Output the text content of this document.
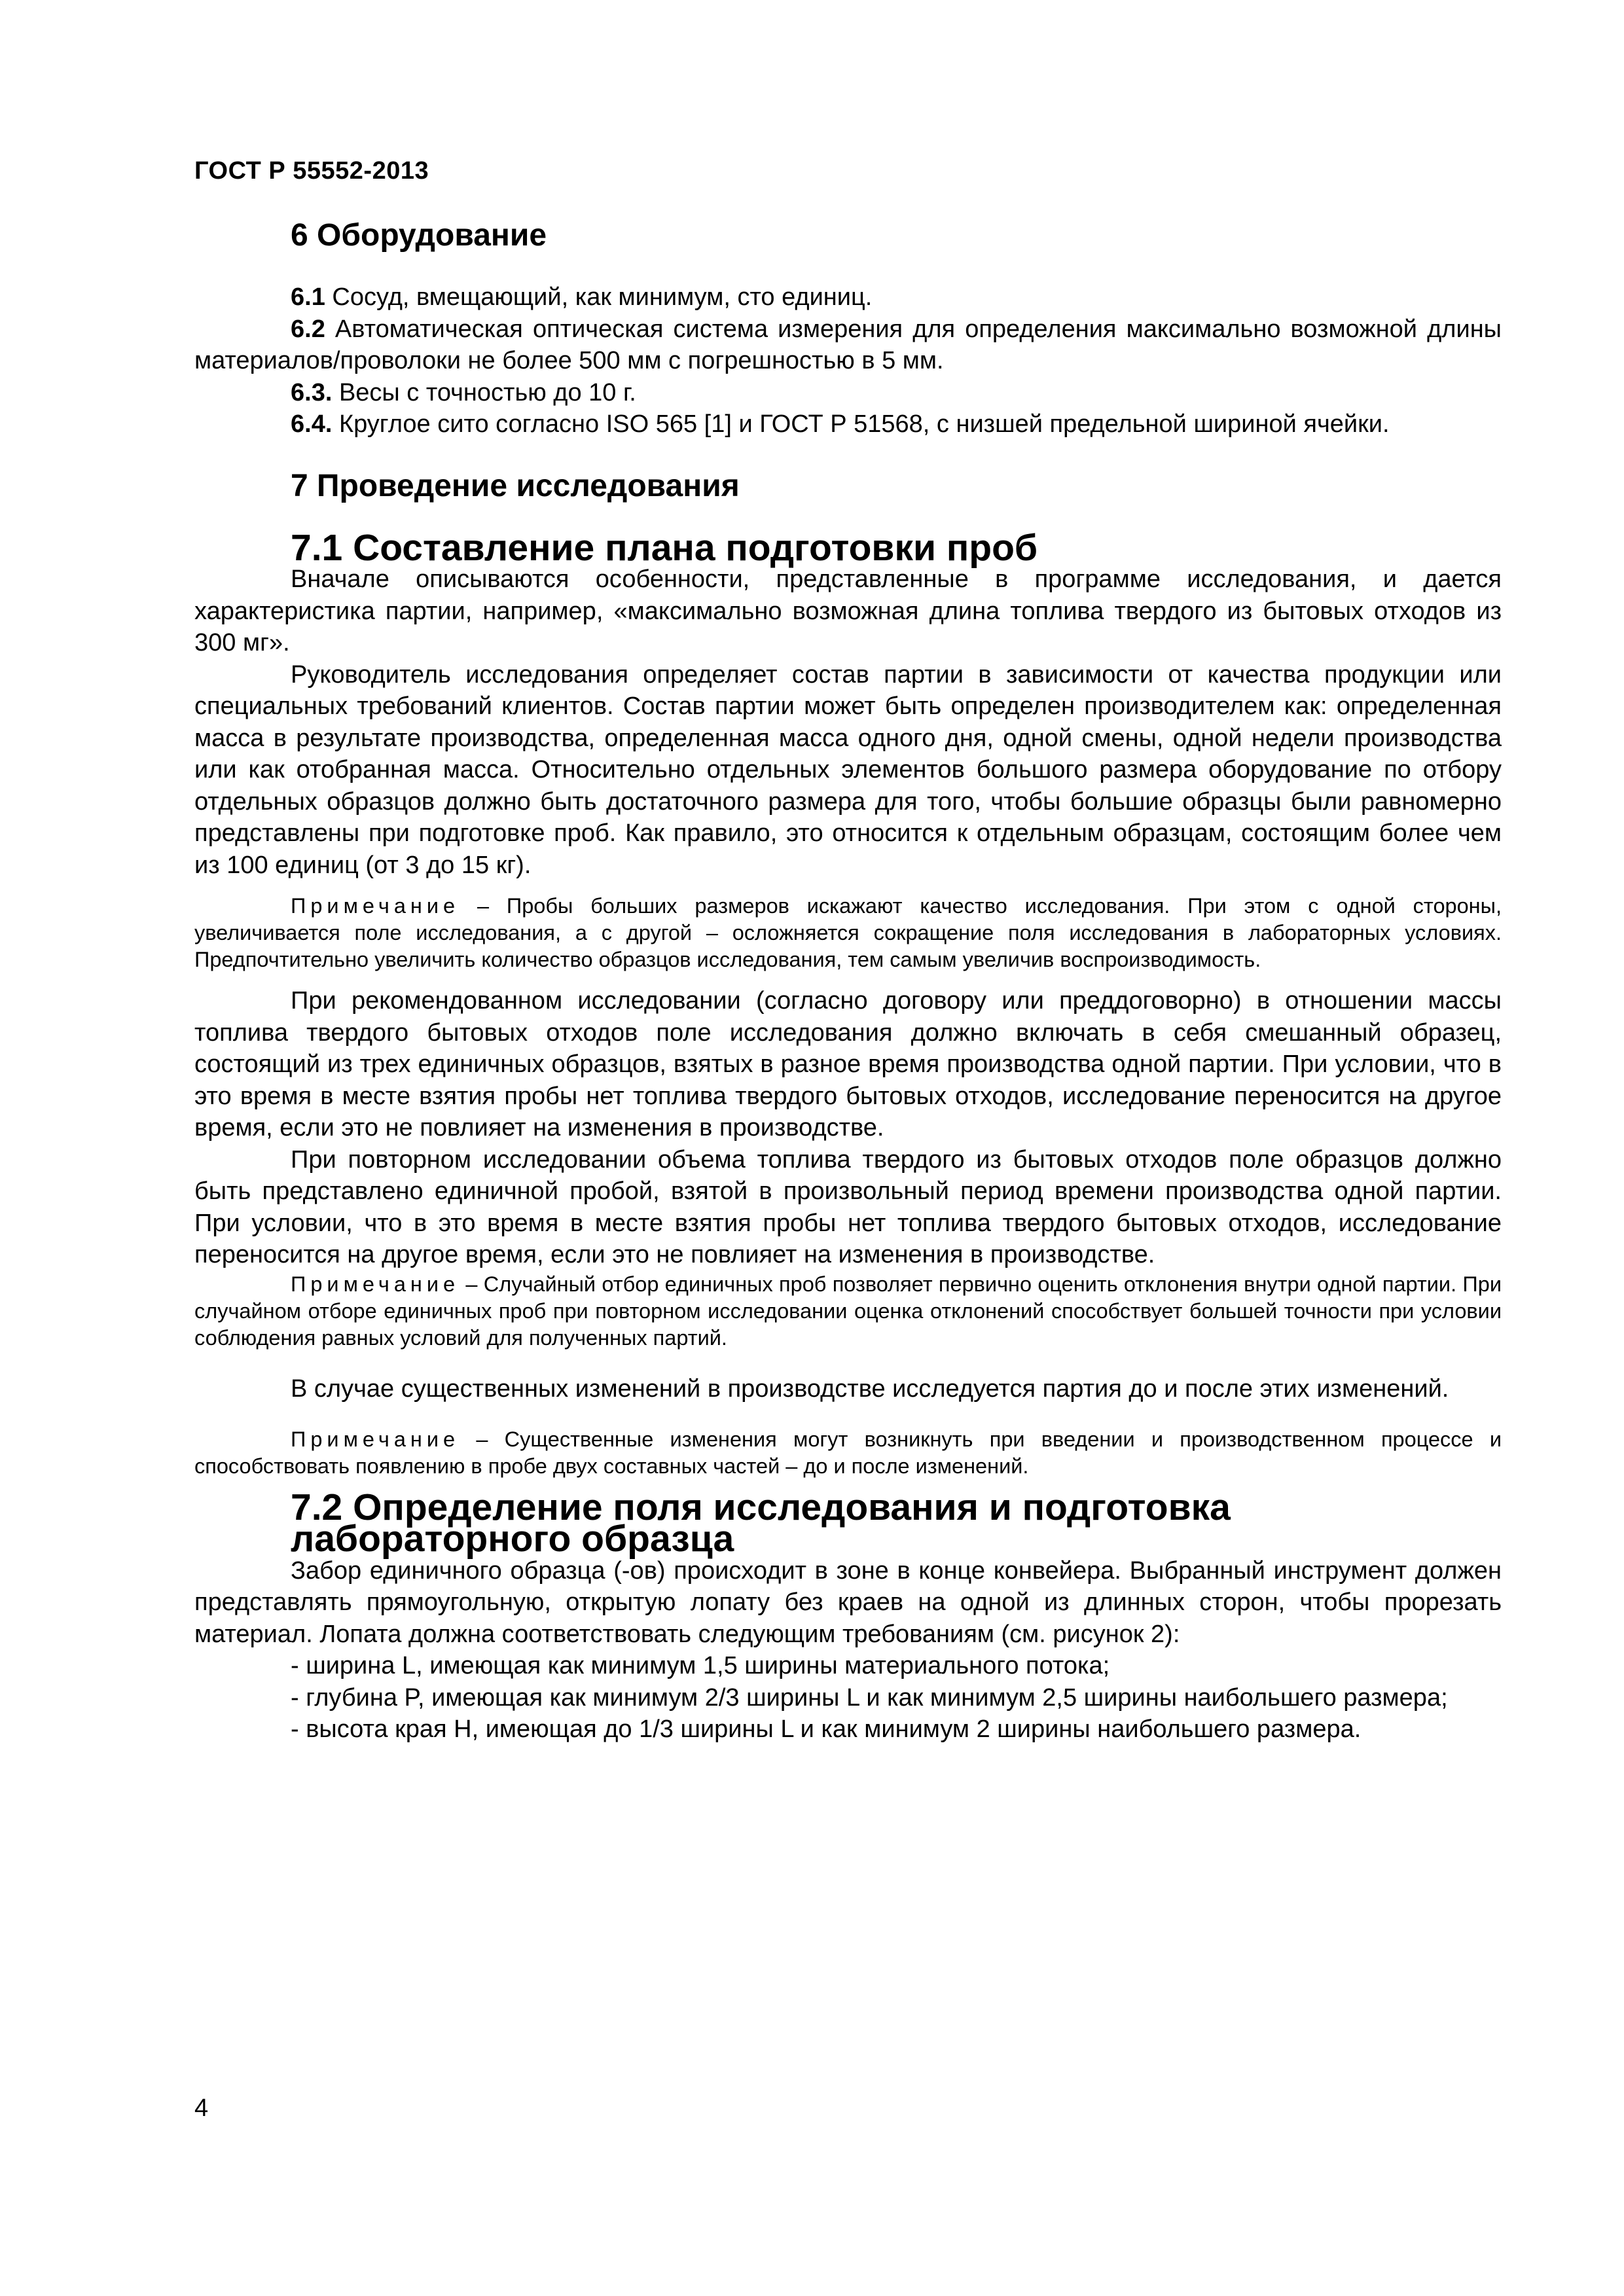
ГОСТ Р 55552-2013
6 Оборудование

6.1 Сосуд, вмещающий, как минимум, сто единиц.

6.2 Автоматическая оптическая система измерения для определения максимально возможной длины материалов/проволоки не более 500 мм с погрешностью в 5 мм.

6.3. Весы с точностью до 10 г.

6.4. Круглое сито согласно ISO 565 [1] и ГОСТ Р 51568, с низшей предельной шириной ячейки.

7 Проведение исследования
7.1 Составление плана подготовки проб

Вначале описываются особенности, представленные в программе исследования, и дается характеристика партии, например, «максимально возможная длина топлива твердого из бытовых отходов из 300 мг».

Руководитель исследования определяет состав партии в зависимости от качества продукции или специальных требований клиентов. Состав партии может быть определен производителем как: определенная масса в результате производства, определенная масса одного дня, одной смены, одной недели производства или как отобранная масса. Относительно отдельных элементов большого размера оборудование по отбору отдельных образцов должно быть достаточного размера для того, чтобы большие образцы были равномерно представлены при подготовке проб. Как правило, это относится к отдельным образцам, состоящим более чем из 100 единиц (от 3 до 15 кг).

Примечание – Пробы больших размеров искажают качество исследования. При этом с одной стороны, увеличивается поле исследования, а с другой – осложняется сокращение поля исследования в лабораторных условиях. Предпочтительно увеличить количество образцов исследования, тем самым увеличив воспроизводимость.

При рекомендованном исследовании (согласно договору или преддоговорно) в отношении массы топлива твердого бытовых отходов поле исследования должно включать в себя смешанный образец, состоящий из трех единичных образцов, взятых в разное время производства одной партии. При условии, что в это время в месте взятия пробы нет топлива твердого бытовых отходов, исследование переносится на другое время, если это не повлияет на изменения в производстве.

При повторном исследовании объема топлива твердого из бытовых отходов поле образцов должно быть представлено единичной пробой, взятой в произвольный период времени производства одной партии. При условии, что в это время в месте взятия пробы нет топлива твердого бытовых отходов, исследование переносится на другое время, если это не повлияет на изменения в производстве.

Примечание – Случайный отбор единичных проб позволяет первично оценить отклонения внутри одной партии. При случайном отборе единичных проб при повторном исследовании оценка отклонений способствует большей точности при условии соблюдения равных условий для полученных партий.

В случае существенных изменений в производстве исследуется партия до и после этих изменений.

Примечание – Существенные изменения могут возникнуть при введении и производственном процессе и способствовать появлению в пробе двух составных частей – до и после изменений.

7.2 Определение поля исследования и подготовка лабораторного образца

Забор единичного образца (-ов) происходит в зоне в конце конвейера. Выбранный инструмент должен представлять прямоугольную, открытую лопату без краев на одной из длинных сторон, чтобы прорезать материал. Лопата должна соответствовать следующим требованиям (см. рисунок 2):

- ширина L, имеющая как минимум 1,5 ширины материального потока;

- глубина P, имеющая как минимум 2/3 ширины L и как минимум 2,5 ширины наибольшего размера;

- высота края H, имеющая до 1/3 ширины L и как минимум 2 ширины наибольшего размера.

4
